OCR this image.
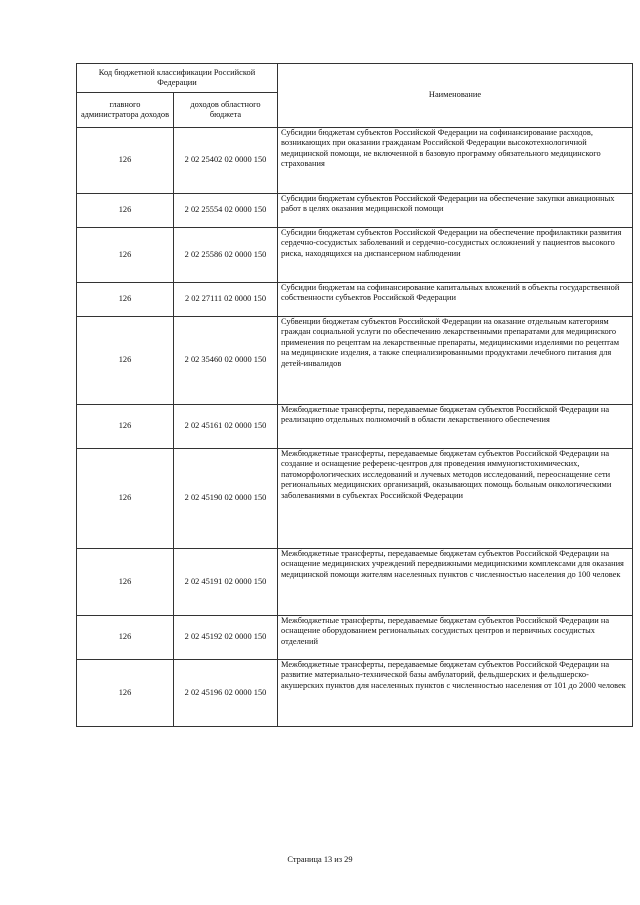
Код бюджетной классификации Российской Федерации		Наименование
главного администратора доходов	доходов областного бюджета	
126	2 02 25402 02 0000 150	Субсидии бюджетам субъектов Российской Федерации на софинансирование расходов, возникающих при оказании гражданам Российской Федерации высокотехнологичной медицинской помощи, не включенной в базовую программу обязательного медицинского страхования
126	2 02 25554 02 0000 150	Субсидии бюджетам субъектов Российской Федерации на обеспечение закупки авиационных работ в целях оказания медицинской помощи
126	2 02 25586 02 0000 150	Субсидии бюджетам субъектов Российской Федерации на обеспечение профилактики развития сердечно-сосудистых заболеваний и сердечно-сосудистых осложнений у пациентов высокого риска, находящихся на диспансерном наблюдении
126	2 02 27111 02 0000 150	Субсидии бюджетам на софинансирование капитальных вложений в объекты государственной собственности субъектов Российской Федерации
126	2 02 35460 02 0000 150	Субвенции бюджетам субъектов Российской Федерации на оказание отдельным категориям граждан социальной услуги по обеспечению лекарственными препаратами для медицинского применения по рецептам на лекарственные препараты, медицинскими изделиями по рецептам на медицинские изделия, а также специализированными продуктами лечебного питания для детей-инвалидов
126	2 02 45161 02 0000 150	Межбюджетные трансферты, передаваемые бюджетам субъектов Российской Федерации на реализацию отдельных полномочий в области лекарственного обеспечения
126	2 02 45190 02 0000 150	Межбюджетные трансферты, передаваемые бюджетам субъектов Российской Федерации на создание и оснащение референс-центров для проведения иммуногистохимических, патоморфологических исследований и лучевых методов исследований, переоснащение сети региональных медицинских организаций, оказывающих помощь больным онкологическими заболеваниями в субъектах Российской Федерации
126	2 02 45191 02 0000 150	Межбюджетные трансферты, передаваемые бюджетам субъектов Российской Федерации на оснащение медицинских учреждений передвижными медицинскими комплексами для оказания медицинской помощи жителям населенных пунктов с численностью населения до 100 человек
126	2 02 45192 02 0000 150	Межбюджетные трансферты, передаваемые бюджетам субъектов Российской Федерации на оснащение оборудованием региональных сосудистых центров и первичных сосудистых отделений
126	2 02 45196 02 0000 150	Межбюджетные трансферты, передаваемые бюджетам субъектов Российской Федерации на развитие материально-технической базы амбулаторий, фельдшерских и фельдшерско-акушерских пунктов для населенных пунктов с численностью населения от 101 до 2000 человек
Страница 13 из 29
